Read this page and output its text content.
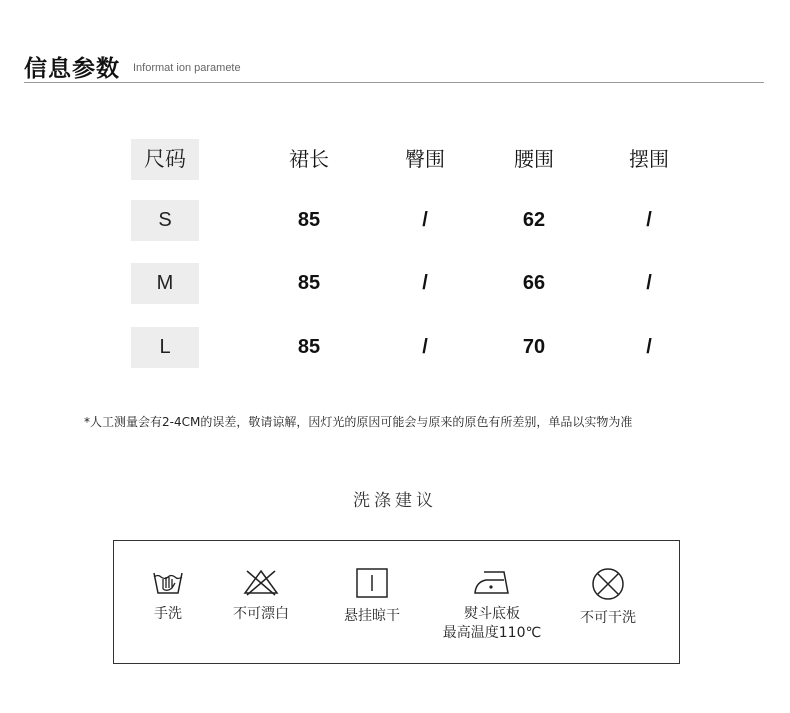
信息参数 Informat ion paramete
尺码	裙长	臀围	腰围	摆围
S	85	/	62	/
M	85	/	66	/
L	85	/	70	/
*人工测量会有2-4CM的误差，敬请谅解，因灯光的原因可能会与原来的原色有所差别，单品以实物为准
洗涤建议
手洗	不可漂白	悬挂晾干	熨斗底板
最高温度110℃
不可干洗
